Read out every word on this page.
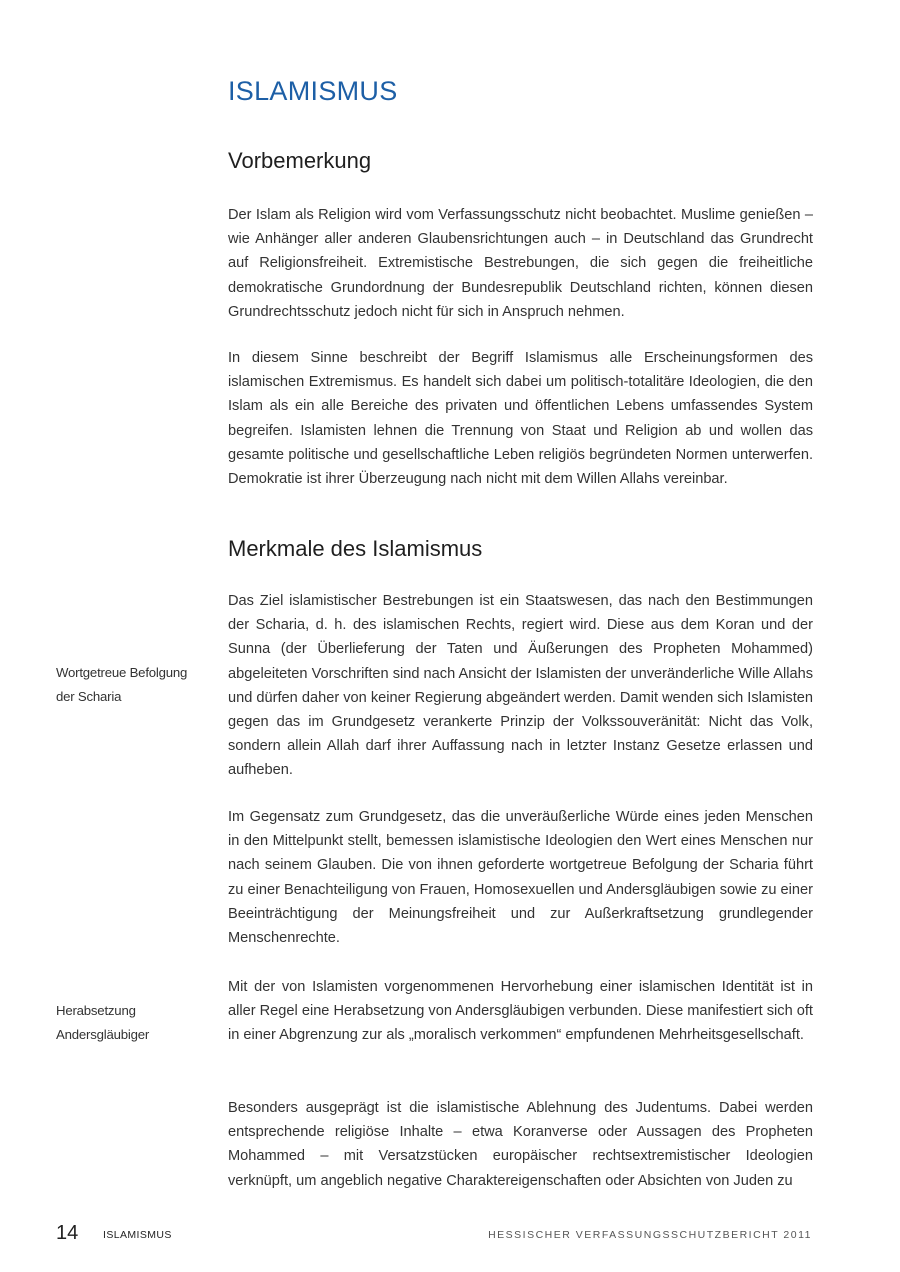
ISLAMISMUS
Vorbemerkung

Der Islam als Religion wird vom Verfassungsschutz nicht beobachtet. Muslime genießen – wie Anhänger aller anderen Glaubensrichtungen auch – in Deutschland das Grundrecht auf Religionsfreiheit. Extremistische Bestrebungen, die sich gegen die freiheitliche demokratische Grundordnung der Bundesrepublik Deutschland richten, können diesen Grundrechtsschutz jedoch nicht für sich in Anspruch nehmen.

In diesem Sinne beschreibt der Begriff Islamismus alle Erscheinungsformen des islamischen Extremismus. Es handelt sich dabei um politisch-totalitäre Ideologien, die den Islam als ein alle Bereiche des privaten und öffentlichen Lebens umfassendes System begreifen. Islamisten lehnen die Trennung von Staat und Religion ab und wollen das gesamte politische und gesellschaftliche Leben religiös begründeten Normen unterwerfen. Demokratie ist ihrer Überzeugung nach nicht mit dem Willen Allahs vereinbar.

Merkmale des Islamismus

Das Ziel islamistischer Bestrebungen ist ein Staatswesen, das nach den Bestimmungen der Scharia, d. h. des islamischen Rechts, regiert wird. Diese aus dem Koran und der Sunna (der Überlieferung der Taten und Äußerungen des Propheten Mohammed) abgeleiteten Vorschriften sind nach Ansicht der Islamisten der unveränderliche Wille Allahs und dürfen daher von keiner Regierung abgeändert werden. Damit wenden sich Islamisten gegen das im Grundgesetz verankerte Prinzip der Volkssouveränität: Nicht das Volk, sondern allein Allah darf ihrer Auffassung nach in letzter Instanz Gesetze erlassen und aufheben.

Im Gegensatz zum Grundgesetz, das die unveräußerliche Würde eines jeden Menschen in den Mittelpunkt stellt, bemessen islamistische Ideologien den Wert eines Menschen nur nach seinem Glauben. Die von ihnen geforderte wortgetreue Befolgung der Scharia führt zu einer Benachteiligung von Frauen, Homosexuellen und Andersgläubigen sowie zu einer Beeinträchtigung der Meinungsfreiheit und zur Außerkraftsetzung grundlegender Menschenrechte.

Mit der von Islamisten vorgenommenen Hervorhebung einer islamischen Identität ist in aller Regel eine Herabsetzung von Andersgläubigen verbunden. Diese manifestiert sich oft in einer Abgrenzung zur als „moralisch verkommen“ empfundenen Mehrheitsgesellschaft.

Besonders ausgeprägt ist die islamistische Ablehnung des Judentums. Dabei werden entsprechende religiöse Inhalte – etwa Koranverse oder Aussagen des Propheten Mohammed – mit Versatzstücken europäischer rechtsextremistischer Ideologien verknüpft, um angeblich negative Charaktereigenschaften oder Absichten von Juden zu

Wortgetreue Befolgung
der Scharia
Herabsetzung
Andersgläubiger
14 ISLAMISMUS	HESSISCHER VERFASSUNGSSCHUTZBERICHT 2011
